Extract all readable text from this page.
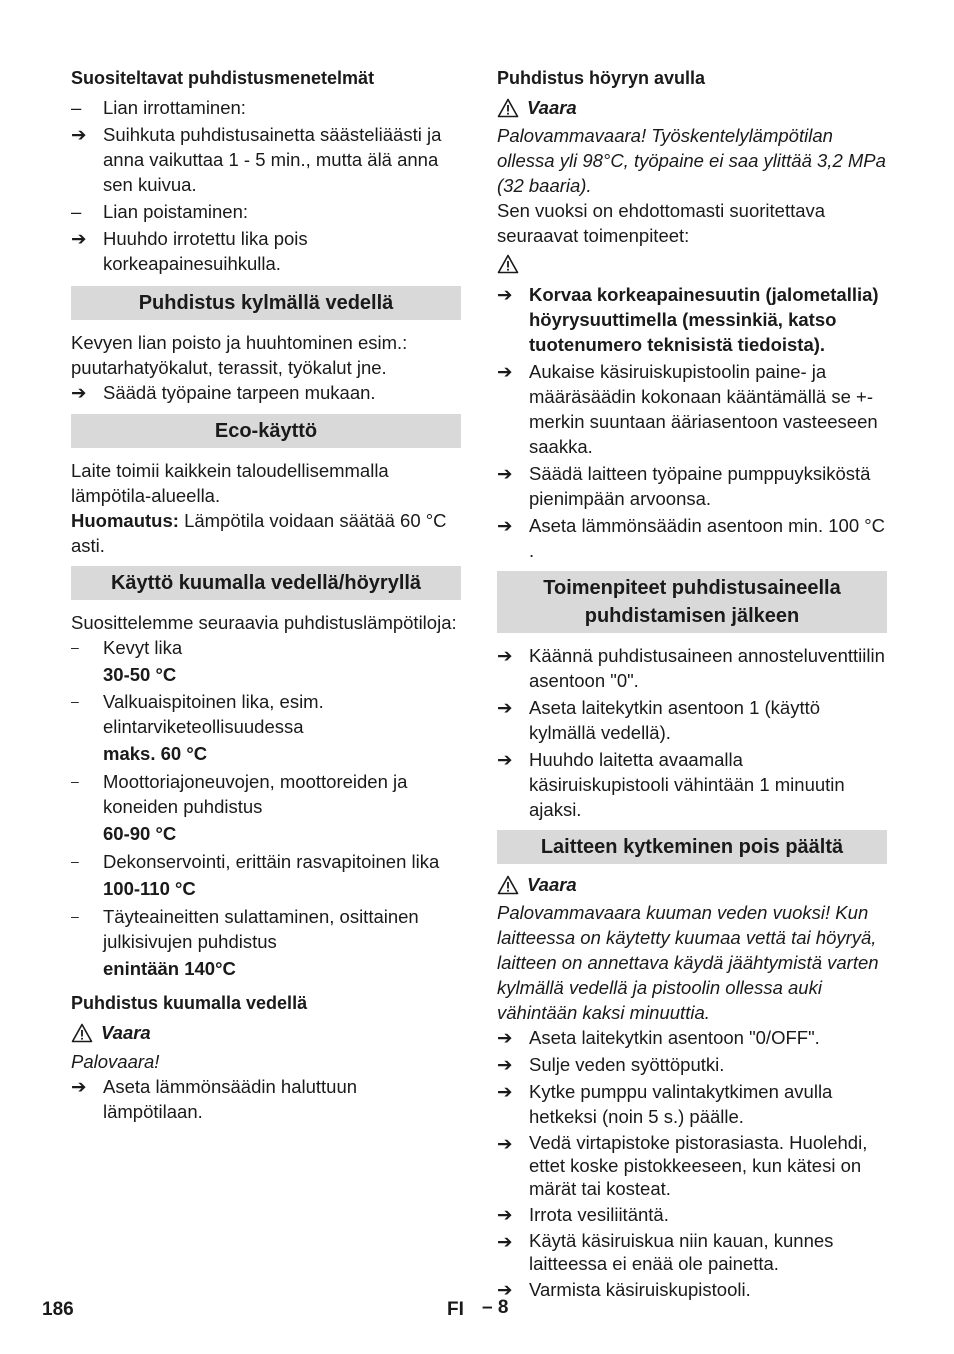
Suositeltavat puhdistusmenetelmät

–	Lian irrottaminen:
➔ Suihkuta puhdistusainetta säästeliäästi ja anna vaikuttaa 1 - 5 min., mutta älä anna sen kuivua.
–	Lian poistaminen:
➔ Huuhdo irrotettu lika pois korkeapainesuihkulla.

Puhdistus kylmällä vedellä

Kevyen lian poisto ja huuhtominen esim.: puutarhatyökalut, terassit, työkalut jne.

➔ Säädä työpaine tarpeen mukaan.

Eco-käyttö

Laite toimii kaikkein taloudellisemmalla lämpötila-alueella.

Huomautus: Lämpötila voidaan säätää 60 °C asti.

Käyttö kuumalla vedellä/höyryllä

Suosittelemme seuraavia puhdistuslämpötiloja:

–	Kevyt lika
30-50 °C
–	Valkuaispitoinen lika, esim. elintarviketeollisuudessa
maks. 60 °C
–	Moottoriajoneuvojen, moottoreiden ja koneiden puhdistus
60-90 °C
–	Dekonservointi, erittäin rasvapitoinen lika
100-110 °C
–	Täyteaineitten sulattaminen, osittainen julkisivujen puhdistus
enintään 140°C

Puhdistus kuumalla vedellä

Vaara

Palovaara!

➔ Aseta lämmönsäädin haluttuun lämpötilaan.

Puhdistus höyryn avulla

Vaara

Palovammavaara! Työskentelylämpötilan ollessa yli 98°C, työpaine ei saa ylittää 3,2 MPa (32 baaria).

Sen vuoksi on ehdottomasti suoritettava seuraavat toimenpiteet:

➔ Korvaa korkeapainesuutin (jalometallia) höyrysuuttimella (messinkiä, katso tuotenumero teknisistä tiedoista).
➔ Aukaise käsiruiskupistoolin paine- ja määräsäädin kokonaan kääntämällä se +-merkin suuntaan ääriasentoon vasteeseen saakka.
➔ Säädä laitteen työpaine pumppuyksiköstä pienimpään arvoonsa.
➔ Aseta lämmönsäädin asentoon min. 100 °C .

Toimenpiteet puhdistusaineella puhdistamisen jälkeen

➔ Käännä puhdistusaineen annosteluventtiilin asentoon "0".
➔ Aseta laitekytkin asentoon 1 (käyttö kylmällä vedellä).
➔ Huuhdo laitetta avaamalla käsiruiskupistooli vähintään 1 minuutin ajaksi.

Laitteen kytkeminen pois päältä

Vaara

Palovammavaara kuuman veden vuoksi! Kun laitteessa on käytetty kuumaa vettä tai höyryä, laitteen on annettava käydä jäähtymistä varten kylmällä vedellä ja pistoolin ollessa auki vähintään kaksi minuuttia.

➔ Aseta laitekytkin asentoon "0/OFF".
➔ Sulje veden syöttöputki.
➔ Kytke pumppu valintakytkimen avulla hetkeksi (noin 5 s.) päälle.
➔ Vedä virtapistoke pistorasiasta. Huolehdi, ettet koske pistokkeeseen, kun kätesi on märät tai kosteat.
➔ Irrota vesiliitäntä.
➔ Käytä käsiruiskua niin kauan, kunnes laitteessa ei enää ole painetta.
➔ Varmista käsiruiskupistooli.
186	FI – 8
